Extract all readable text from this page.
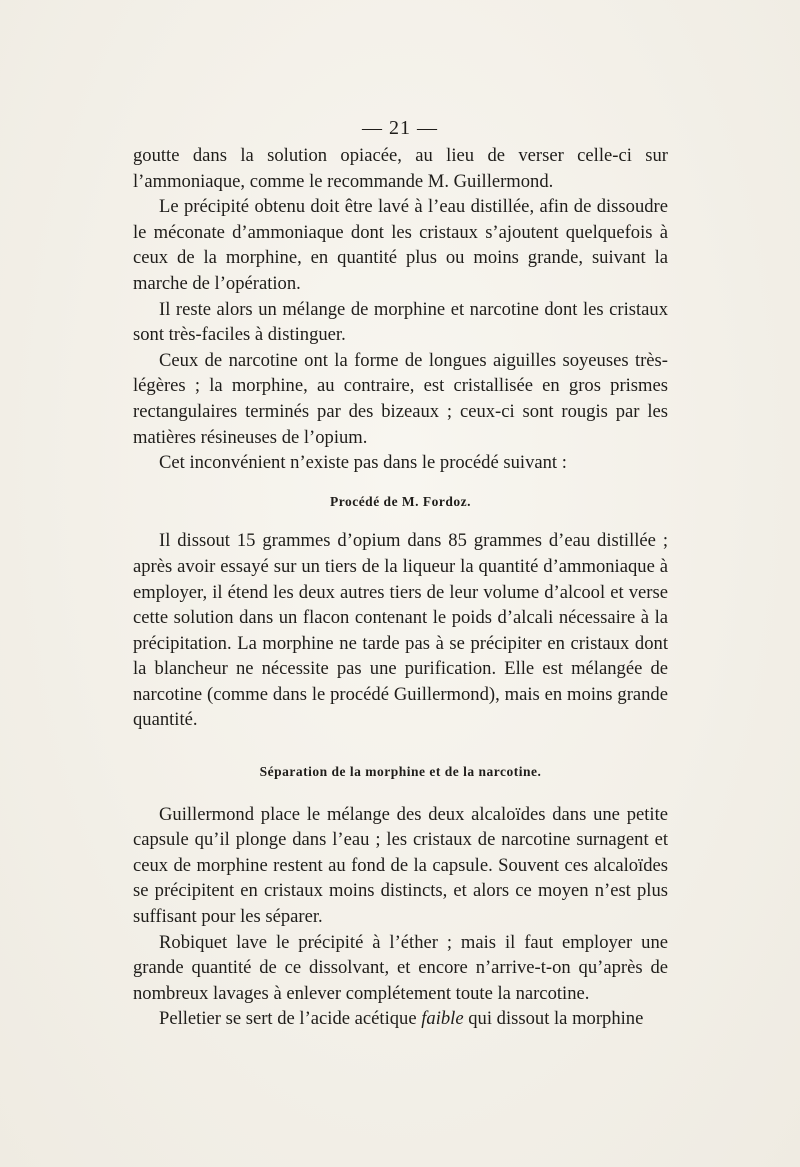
— 21 —

goutte dans la solution opiacée, au lieu de verser celle-ci sur l’ammoniaque, comme le recommande M. Guillermond.

Le précipité obtenu doit être lavé à l’eau distillée, afin de dissoudre le méconate d’ammoniaque dont les cristaux s’ajoutent quelquefois à ceux de la morphine, en quantité plus ou moins grande, suivant la marche de l’opération.

Il reste alors un mélange de morphine et narcotine dont les cristaux sont très-faciles à distinguer.

Ceux de narcotine ont la forme de longues aiguilles soyeuses très-légères ; la morphine, au contraire, est cristallisée en gros prismes rectangulaires terminés par des bizeaux ; ceux-ci sont rougis par les matières résineuses de l’opium.

Cet inconvénient n’existe pas dans le procédé suivant :

Procédé de M. Fordoz.

Il dissout 15 grammes d’opium dans 85 grammes d’eau distillée ; après avoir essayé sur un tiers de la liqueur la quantité d’ammoniaque à employer, il étend les deux autres tiers de leur volume d’alcool et verse cette solution dans un flacon contenant le poids d’alcali nécessaire à la précipitation. La morphine ne tarde pas à se précipiter en cristaux dont la blancheur ne nécessite pas une purification. Elle est mélangée de narcotine (comme dans le procédé Guillermond), mais en moins grande quantité.

Séparation de la morphine et de la narcotine.

Guillermond place le mélange des deux alcaloïdes dans une petite capsule qu’il plonge dans l’eau ; les cristaux de narcotine surnagent et ceux de morphine restent au fond de la capsule. Souvent ces alcaloïdes se précipitent en cristaux moins distincts, et alors ce moyen n’est plus suffisant pour les séparer.

Robiquet lave le précipité à l’éther ; mais il faut employer une grande quantité de ce dissolvant, et encore n’arrive-t-on qu’après de nombreux lavages à enlever complétement toute la narcotine.

Pelletier se sert de l’acide acétique faible qui dissout la morphine
